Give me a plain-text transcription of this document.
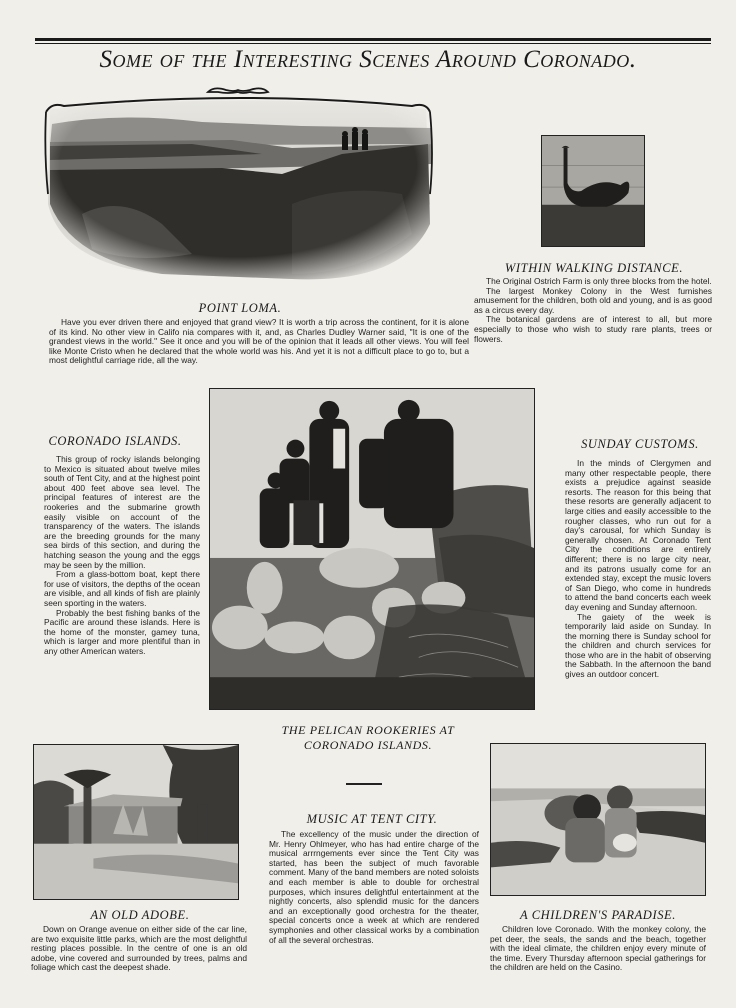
Some of the Interesting Scenes Around Coronado.
POINT LOMA.

Have you ever driven there and enjoyed that grand view? It is worth a trip across the continent, for it is alone of its kind. No other view in Califo nia compares with it, and, as Charles Dudley Warner said, "It is one of the grandest views in the world." See it once and you will be of the opinion that it leads all other views. You will feel like Monte Cristo when he declared that the whole world was his. And yet it is not a difficult place to go to, but a most delightful carriage ride, all the way.

WITHIN WALKING DISTANCE.

The Original Ostrich Farm is only three blocks from the hotel.

The largest Monkey Colony in the West furnishes amusement for the children, both old and young, and is as good as a circus every day.

The botanical gardens are of interest to all, but more especially to those who wish to study rare plants, trees or flowers.

CORONADO ISLANDS.

This group of rocky islands belonging to Mexico is situated about twelve miles south of Tent City, and at the highest point about 400 feet above sea level. The principal features of interest are the rookeries and the submarine growth easily visible on account of the transparency of the waters. The islands are the breeding grounds for the many sea birds of this section, and during the hatching season the young and the eggs may be seen by the million.

From a glass-bottom boat, kept there for use of visitors, the depths of the ocean are visible, and all kinds of fish are plainly seen sporting in the waters.

Probably the best fishing banks of the Pacific are around these islands. Here is the home of the monster, gamey tuna, which is larger and more plentiful than in any other American waters.

SUNDAY CUSTOMS.

In the minds of Clergymen and many other respectable people, there exists a prejudice against seaside resorts. The reason for this being that these resorts are generally adjacent to large cities and easily accessible to the rougher classes, who run out for a day's carousal, for which Sunday is generally chosen. At Coronado Tent City the conditions are entirely different; there is no large city near, and its patrons usually come for an extended stay, except the music lovers of San Diego, who come in hundreds to attend the band concerts each week day evening and Sunday afternoon.

The gaiety of the week is temporarily laid aside on Sunday. In the morning there is Sunday school for the children and church services for those who are in the habit of observing the Sabbath. In the afternoon the band gives an outdoor concert.

THE PELICAN ROOKERIES AT
CORONADO ISLANDS.
MUSIC AT TENT CITY.

The excellency of the music under the direction of Mr. Henry Ohlmeyer, who has had entire charge of the musical arrrngements ever since the Tent City was started, has been the subject of much favorable comment. Many of the band members are noted soloists and each member is able to double for orchestral purposes, which insures delightful entertainment at the nightly concerts, also splendid music for the dancers and an exceptionally good orchestra for the theater, special concerts once a week at which are rendered symphonies and other classical works by a combination of all the several orchestras.

AN OLD ADOBE.

Down on Orange avenue on either side of the car line, are two exquisite little parks, which are the most delightful resting places possible. In the centre of one is an old adobe, vine covered and surrounded by trees, palms and foliage which cast the deepest shade.

A CHILDREN'S PARADISE.

Children love Coronado. With the monkey colony, the pet deer, the seals, the sands and the beach, together with the ideal climate, the children enjoy every minute of the time. Every Thursday afternoon special gatherings for the children are held on the Casino.
